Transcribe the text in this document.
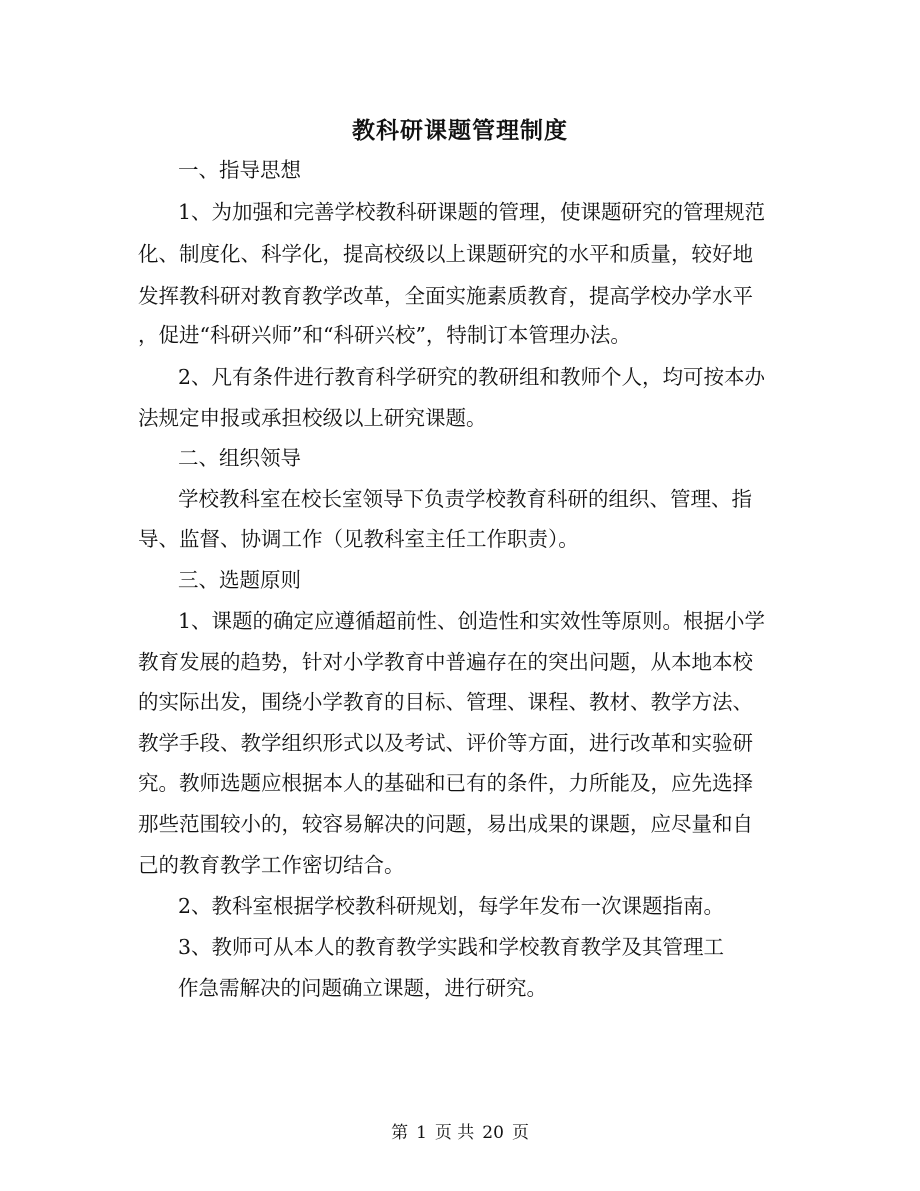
教科研课题管理制度
一、指导思想
1、为加强和完善学校教科研课题的管理，使课题研究的管理规范
化、制度化、科学化，提高校级以上课题研究的水平和质量，较好地
发挥教科研对教育教学改革，全面实施素质教育，提高学校办学水平
，促进“科研兴师”和“科研兴校”，特制订本管理办法。
2、凡有条件进行教育科学研究的教研组和教师个人，均可按本办
法规定申报或承担校级以上研究课题。
二、组织领导
学校教科室在校长室领导下负责学校教育科研的组织、管理、指
导、监督、协调工作（见教科室主任工作职责）。
三、选题原则
1、课题的确定应遵循超前性、创造性和实效性等原则。根据小学
教育发展的趋势，针对小学教育中普遍存在的突出问题，从本地本校
的实际出发，围绕小学教育的目标、管理、课程、教材、教学方法、
教学手段、教学组织形式以及考试、评价等方面，进行改革和实验研
究。教师选题应根据本人的基础和已有的条件，力所能及，应先选择
那些范围较小的，较容易解决的问题，易出成果的课题，应尽量和自
己的教育教学工作密切结合。
2、教科室根据学校教科研规划，每学年发布一次课题指南。
3、教师可从本人的教育教学实践和学校教育教学及其管理工
作急需解决的问题确立课题，进行研究。
第 1 页 共 20 页
